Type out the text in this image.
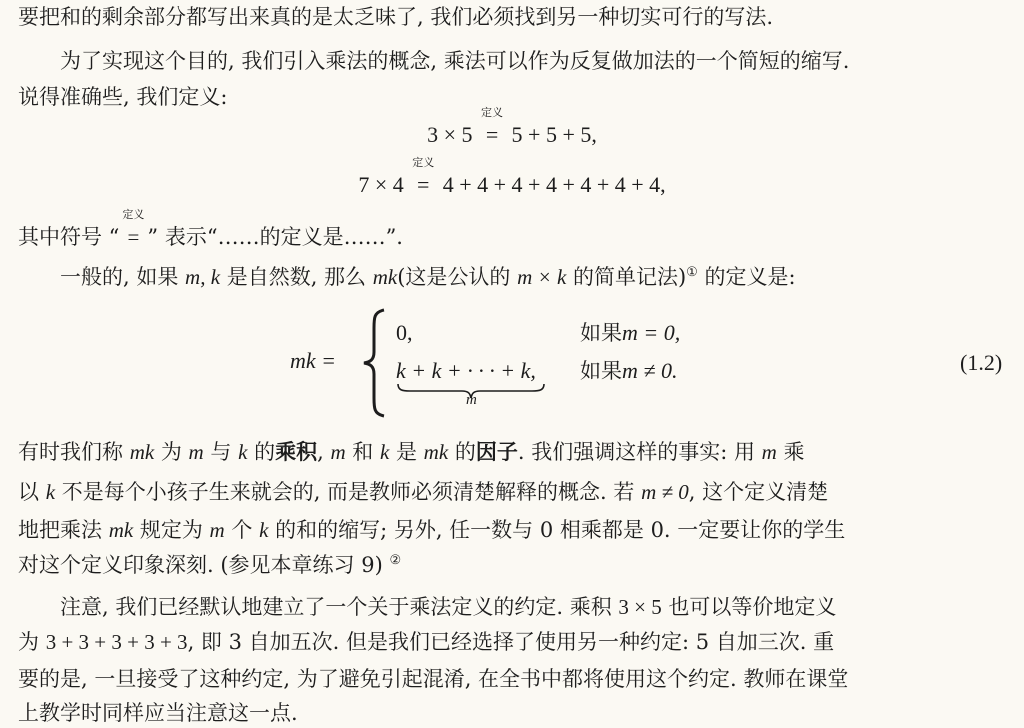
要把和的剩余部分都写出来真的是太乏味了, 我们必须找到另一种切实可行的写法.
为了实现这个目的, 我们引入乘法的概念, 乘法可以作为反复做加法的一个简短的缩写.
说得准确些, 我们定义:
3 × 5
定义
= 5 + 5 + 5,
7 × 4
定义
= 4 + 4 + 4 + 4 + 4 + 4 + 4,
其中符号 “
定义
= ” 表示“……的定义是……”.
一般的, 如果 m, k 是自然数, 那么 mk(这是公认的 m × k 的简单记法)① 的定义是:
mk =
0,
k + k + · · · + k,
m
如果m = 0,
如果m ≠ 0.	(1.2)
有时我们称 mk 为 m 与 k 的乘积, m 和 k 是 mk 的因子. 我们强调这样的事实: 用 m 乘
以 k 不是每个小孩子生来就会的, 而是教师必须清楚解释的概念. 若 m ≠ 0, 这个定义清楚
地把乘法 mk 规定为 m 个 k 的和的缩写; 另外, 任一数与 0 相乘都是 0. 一定要让你的学生
对这个定义印象深刻. (参见本章练习 9) ②
注意, 我们已经默认地建立了一个关于乘法定义的约定. 乘积 3 × 5 也可以等价地定义
为 3 + 3 + 3 + 3 + 3, 即 3 自加五次. 但是我们已经选择了使用另一种约定: 5 自加三次. 重
要的是, 一旦接受了这种约定, 为了避免引起混淆, 在全书中都将使用这个约定. 教师在课堂
上教学时同样应当注意这一点.
